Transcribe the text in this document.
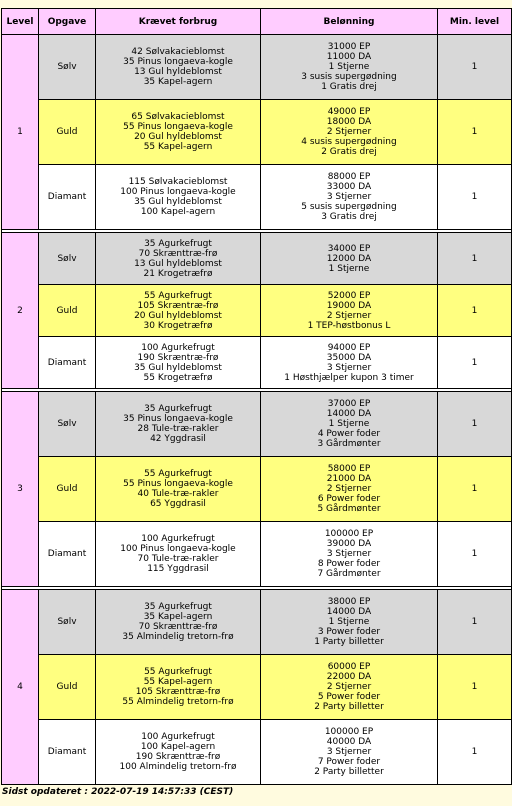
Level	Opgave	Krævet forbrug	Belønning	Min. level
1	Sølv	42 Sølvakacieblomst
35 Pinus longaeva-kogle
13 Gul hyldeblomst
35 Kapel-agern	31000 EP
11000 DA
1 Stjerne
3 susis supergødning
1 Gratis drej	1
	Guld	65 Sølvakacieblomst
55 Pinus longaeva-kogle
20 Gul hyldeblomst
55 Kapel-agern	49000 EP
18000 DA
2 Stjerner
4 susis supergødning
2 Gratis drej	1
	Diamant	115 Sølvakacieblomst
100 Pinus longaeva-kogle
35 Gul hyldeblomst
100 Kapel-agern	88000 EP
33000 DA
3 Stjerner
5 susis supergødning
3 Gratis drej	1

2	Sølv	35 Agurkefrugt
70 Skrænttræ-frø
13 Gul hyldeblomst
21 Krogetræfrø	34000 EP
12000 DA
1 Stjerne	1
	Guld	55 Agurkefrugt
105 Skræntræ-frø
20 Gul hyldeblomst
30 Krogetræfrø	52000 EP
19000 DA
2 Stjerner
1 TEP-høstbonus L	1
	Diamant	100 Agurkefrugt
190 Skræntræ-frø
35 Gul hyldeblomst
55 Krogetræfrø	94000 EP
35000 DA
3 Stjerner
1 Høsthjælper kupon 3 timer	1

3	Sølv	35 Agurkefrugt
35 Pinus longaeva-kogle
28 Tule-træ-rakler
42 Yggdrasil	37000 EP
14000 DA
1 Stjerne
4 Power foder
3 Gårdmønter	1
	Guld	55 Agurkefrugt
55 Pinus longaeva-kogle
40 Tule-træ-rakler
65 Yggdrasil	58000 EP
21000 DA
2 Stjerner
6 Power foder
5 Gårdmønter	1
	Diamant	100 Agurkefrugt
100 Pinus longaeva-kogle
70 Tule-træ-rakler
115 Yggdrasil	100000 EP
39000 DA
3 Stjerner
8 Power foder
7 Gårdmønter	1

4	Sølv	35 Agurkefrugt
35 Kapel-agern
70 Skrænttræ-frø
35 Almindelig tretorn-frø	38000 EP
14000 DA
1 Stjerne
3 Power foder
1 Party billetter	1
	Guld	55 Agurkefrugt
55 Kapel-agern
105 Skrænttræ-frø
55 Almindelig tretorn-frø	60000 EP
22000 DA
2 Stjerner
5 Power foder
2 Party billetter	1
	Diamant	100 Agurkefrugt
100 Kapel-agern
190 Skrænttræ-frø
100 Almindelig tretorn-frø	100000 EP
40000 DA
3 Stjerner
7 Power foder
2 Party billetter	1
Sidst opdateret : 2022-07-19 14:57:33 (CEST)
